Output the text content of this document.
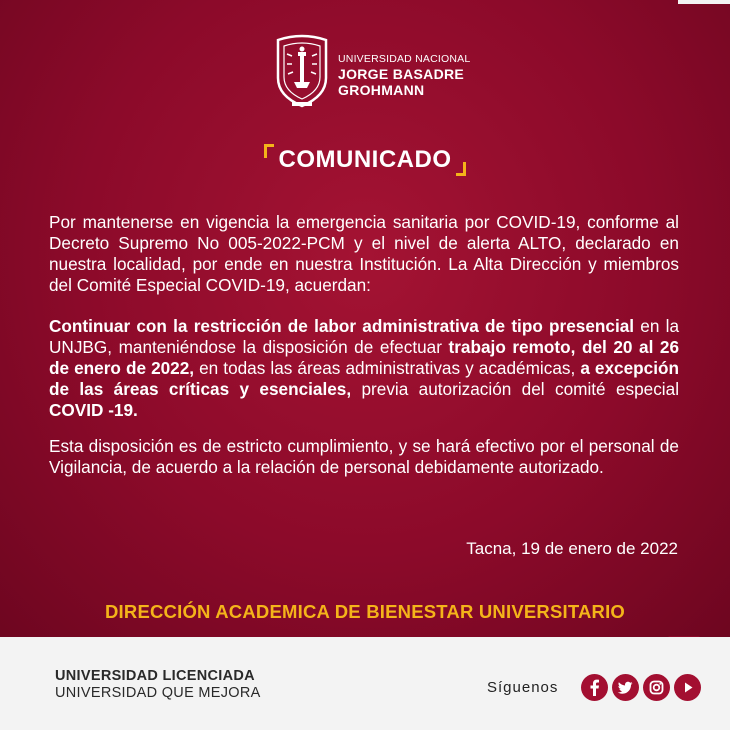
UNIVERSIDAD NACIONAL
JORGE BASADRE
GROHMANN
COMUNICADO
Por mantenerse en vigencia la emergencia sanitaria por COVID-19, conforme al Decreto Supremo No 005-2022-PCM y el nivel de alerta ALTO, declarado en nuestra localidad, por ende en nuestra Institución. La Alta Dirección y miembros del Comité Especial COVID-19, acuerdan:
Continuar con la restricción de labor administrativa de tipo presencial en la UNJBG, manteniéndose la disposición de efectuar trabajo remoto, del 20 al 26 de enero de 2022, en todas las áreas administrativas y académicas, a excepción de las áreas críticas y esenciales, previa autorización del comité especial COVID -19.
Esta disposición es de estricto cumplimiento, y se hará efectivo por el personal de Vigilancia, de acuerdo a la relación de personal debidamente autorizado.
Tacna, 19 de enero de 2022
DIRECCIÓN ACADEMICA DE BIENESTAR UNIVERSITARIO
UNIVERSIDAD LICENCIADA
UNIVERSIDAD QUE MEJORA	Síguenos
